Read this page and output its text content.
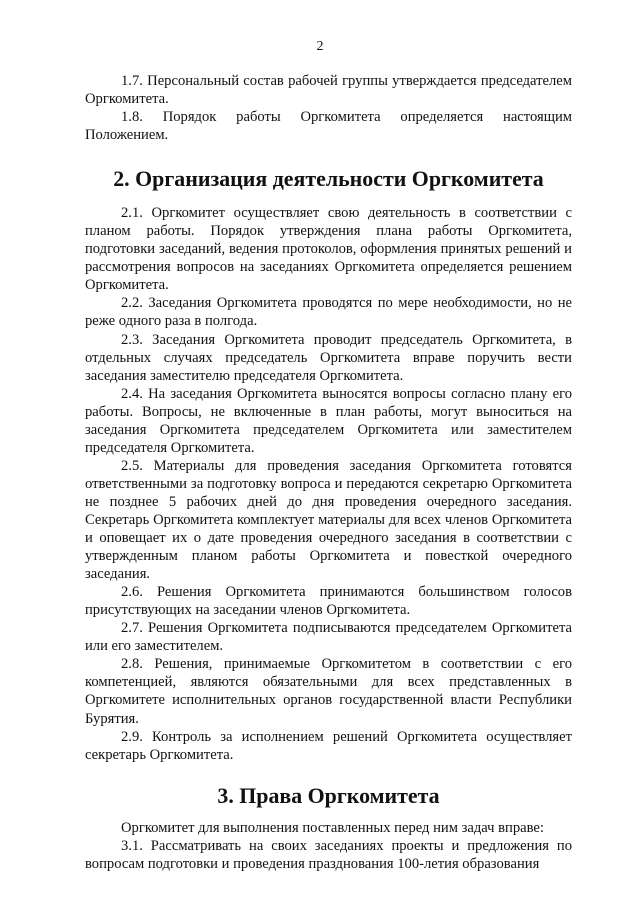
2

1.7. Персональный состав рабочей группы утверждается председателем Оргкомитета.

1.8. Порядок работы Оргкомитета определяется настоящим Положением.

2. Организация деятельности Оргкомитета

2.1. Оргкомитет осуществляет свою деятельность в соответствии с планом работы. Порядок утверждения плана работы Оргкомитета, подготовки заседаний, ведения протоколов, оформления принятых решений и рассмотрения вопросов на заседаниях Оргкомитета определяется решением Оргкомитета.

2.2. Заседания Оргкомитета проводятся по мере необходимости, но не реже одного раза в полгода.

2.3. Заседания Оргкомитета проводит председатель Оргкомитета, в отдельных случаях председатель Оргкомитета вправе поручить вести заседания заместителю председателя Оргкомитета.

2.4. На заседания Оргкомитета выносятся вопросы согласно плану его работы. Вопросы, не включенные в план работы, могут выноситься на заседания Оргкомитета председателем Оргкомитета или заместителем председателя Оргкомитета.

2.5. Материалы для проведения заседания Оргкомитета готовятся ответственными за подготовку вопроса и передаются секретарю Оргкомитета не позднее 5 рабочих дней до дня проведения очередного заседания. Секретарь Оргкомитета комплектует материалы для всех членов Оргкомитета и оповещает их о дате проведения очередного заседания в соответствии с утвержденным планом работы Оргкомитета и повесткой очередного заседания.

2.6. Решения Оргкомитета принимаются большинством голосов присутствующих на заседании членов Оргкомитета.

2.7. Решения Оргкомитета подписываются председателем Оргкомитета или его заместителем.

2.8. Решения, принимаемые Оргкомитетом в соответствии с его компетенцией, являются обязательными для всех представленных в Оргкомитете исполнительных органов государственной власти Республики Бурятия.

2.9. Контроль за исполнением решений Оргкомитета осуществляет секретарь Оргкомитета.

3. Права Оргкомитета

Оргкомитет для выполнения поставленных перед ним задач вправе:

3.1. Рассматривать на своих заседаниях проекты и предложения по вопросам подготовки и проведения празднования 100-летия образования
